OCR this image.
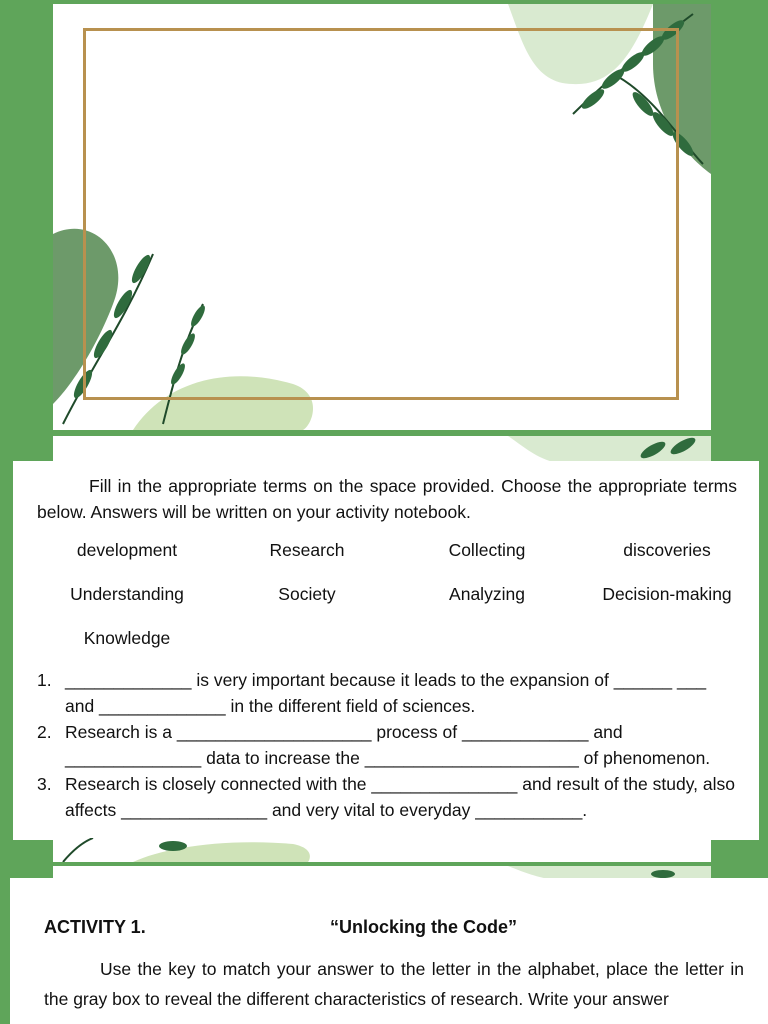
Fill in the appropriate terms on the space provided. Choose the appropriate terms below. Answers will be written on your activity notebook.

development	Research	Collecting	discoveries
Understanding	Society	Analyzing	Decision-making
Knowledge
1. _____________ is very important because it leads to the expansion of ______ ___ and _____________ in the different field of sciences.
2. Research is a ____________________ process of _____________ and ______________ data to increase the ______________________ of phenomenon.
3. Research is closely connected with the _______________ and result of the study, also affects _______________ and very vital to everyday ___________.
ACTIVITY 1.	“Unlocking the Code”

Use the key to match your answer to the letter in the alphabet, place the letter in the gray box to reveal the different characteristics of research. Write your answer
